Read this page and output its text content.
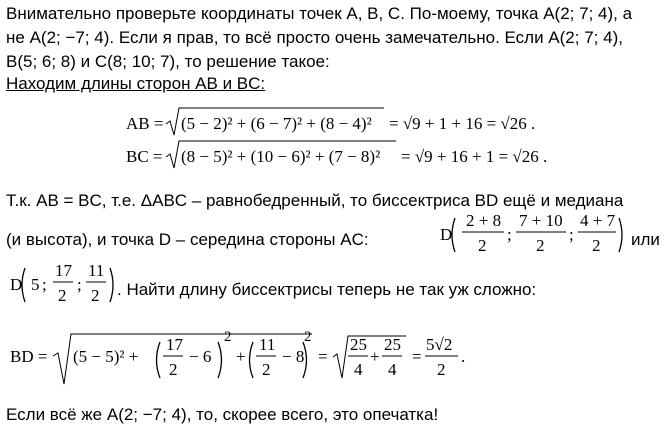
Внимательно проверьте координаты точек A, B, C. По-моему, точка A(2; 7; 4), а
не A(2; −7; 4). Если я прав, то всё просто очень замечательно. Если A(2; 7; 4),
B(5; 6; 8) и C(8; 10; 7), то решение такое:
Находим длины сторон AB и BC:
AB = (5 − 2)² + (6 − 7)² + (8 − 4)² = √9 + 1 + 16 = √26 .
BC = (8 − 5)² + (10 − 6)² + (7 − 8)² = √9 + 16 + 1 = √26 .
D
2 + 8
2
;
7 + 10
2
;
4 + 7
2
D 5 ;
17
2
;
11
2
BD = (5 − 5)² +
17
2
− 6
2
+
11
2
− 8
2
=
25
4
+
25
4
=
5√2
2
.
Т.к. AB = BC, т.е. ΔABC – равнобедренный, то биссектриса BD ещё и медиана
(и высота), и точка D – середина стороны AC:	или
. Найти длину биссектрисы теперь не так уж сложно:
Если всё же A(2; −7; 4), то, скорее всего, это опечатка!
